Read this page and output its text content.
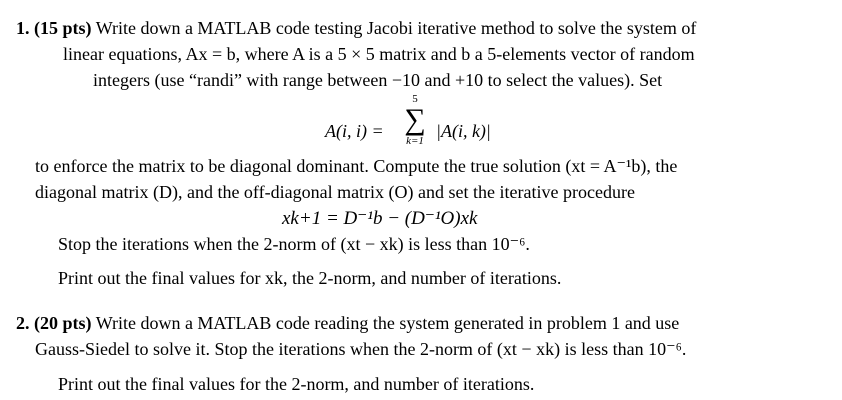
1. (15 pts) Write down a MATLAB code testing Jacobi iterative method to solve the system of
linear equations, Ax = b, where A is a 5 × 5 matrix and b a 5-elements vector of random
integers (use “randi” with range between −10 and +10 to select the values). Set
A(i, i) =
5
∑
k=1 |A(i, k)|
to enforce the matrix to be diagonal dominant. Compute the true solution (xt = A⁻¹b), the
diagonal matrix (D), and the off-diagonal matrix (O) and set the iterative procedure
xk+1 = D⁻¹b − (D⁻¹O)xk
Stop the iterations when the 2-norm of (xt − xk) is less than 10⁻⁶.
Print out the final values for xk, the 2-norm, and number of iterations.
2. (20 pts) Write down a MATLAB code reading the system generated in problem 1 and use
Gauss-Siedel to solve it. Stop the iterations when the 2-norm of (xt − xk) is less than 10⁻⁶.
Print out the final values for the 2-norm, and number of iterations.
